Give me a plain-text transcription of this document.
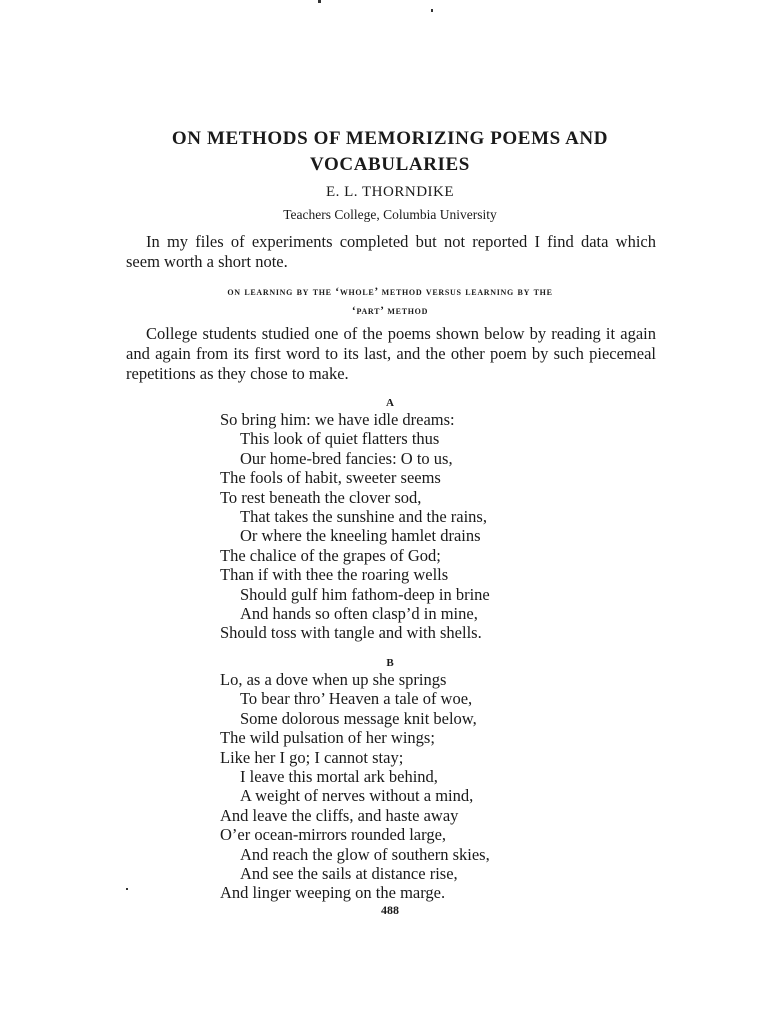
ON METHODS OF MEMORIZING POEMS AND
VOCABULARIES
E. L. THORNDIKE
Teachers College, Columbia University
In my files of experiments completed but not reported I find data which seem worth a short note.
on learning by the ‘whole’ method versus learning by the
‘part’ method
College students studied one of the poems shown below by reading it again and again from its first word to its last, and the other poem by such piecemeal repetitions as they chose to make.
A
So bring him: we have idle dreams:
This look of quiet flatters thus
Our home-bred fancies: O to us,
The fools of habit, sweeter seems
To rest beneath the clover sod,
That takes the sunshine and the rains,
Or where the kneeling hamlet drains
The chalice of the grapes of God;
Than if with thee the roaring wells
Should gulf him fathom-deep in brine
And hands so often clasp’d in mine,
Should toss with tangle and with shells.
B
Lo, as a dove when up she springs
To bear thro’ Heaven a tale of woe,
Some dolorous message knit below,
The wild pulsation of her wings;
Like her I go; I cannot stay;
I leave this mortal ark behind,
A weight of nerves without a mind,
And leave the cliffs, and haste away
O’er ocean-mirrors rounded large,
And reach the glow of southern skies,
And see the sails at distance rise,
And linger weeping on the marge.
488
